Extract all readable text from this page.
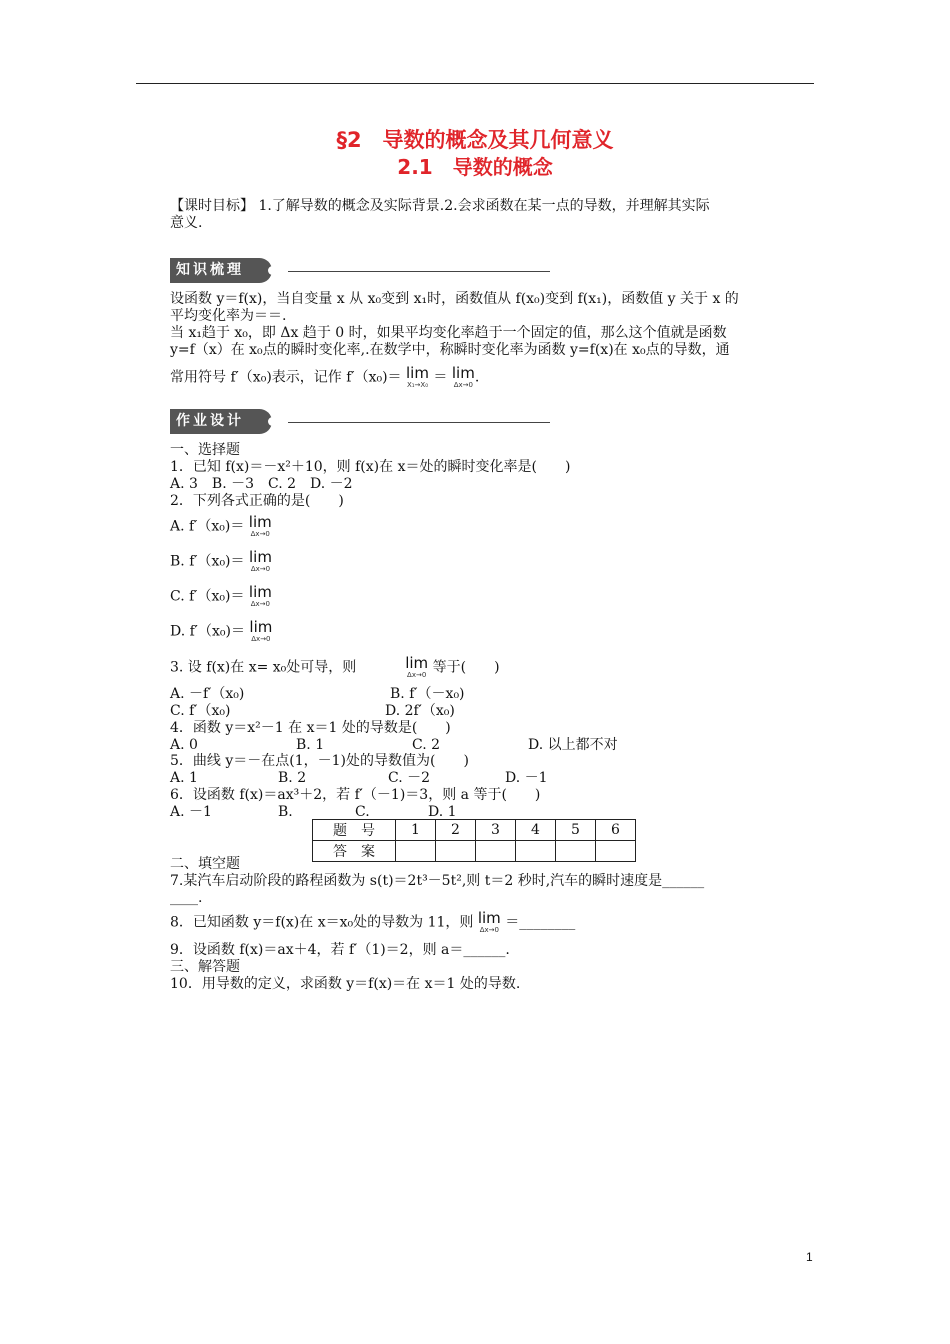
§2　导数的概念及其几何意义
2.1　导数的概念
【课时目标】 1.了解导数的概念及实际背景.2.会求函数在某一点的导数，并理解其实际
意义.
知识梳理
设函数 y＝f(x)，当自变量 x 从 x₀变到 x₁时，函数值从 f(x₀)变到 f(x₁)，函数值 y 关于 x 的
平均变化率为＝＝.
当 x₁趋于 x₀，即 Δx 趋于 0 时，如果平均变化率趋于一个固定的值，那么这个值就是函数
y=f（x）在 x₀点的瞬时变化率,.在数学中，称瞬时变化率为函数 y=f(x)在 x₀点的导数，通
常用符号 f′（x₀)表示，记作 f′（x₀)＝ lim
X₁→X₀ ＝ lim
Δx→0 .
作业设计
一、选择题
1．已知 f(x)＝－x²＋10，则 f(x)在 x＝处的瞬时变化率是(　　)
A. 3　B. －3　C. 2　D. －2
2．下列各式正确的是(　　)
A. f′（x₀)＝ lim
Δx→0
B. f′（x₀)＝ lim
Δx→0
C. f′（x₀)＝ lim
Δx→0
D. f′（x₀)＝ lim
Δx→0
3. 设 f(x)在 x= x₀处可导，则	lim
Δx→0 等于(　　)
A. －f′（x₀)	B. f′（－x₀)
C. f′（x₀)	D. 2f′（x₀)
4．函数 y＝x²－1 在 x＝1 处的导数是(　　)
A. 0	B. 1	C. 2	D. 以上都不对
5．曲线 y＝－在点(1，－1)处的导数值为(　　)
A. 1	B. 2	C. －2	D. －1
6．设函数 f(x)＝ax³＋2，若 f′（－1)＝3，则 a 等于(　　)
A. －1	B.	C.	D. 1
题　号	1	2	3	4	5	6
答　案						
二、填空题
7.某汽车启动阶段的路程函数为 s(t)＝2t³－5t²,则 t＝2 秒时,汽车的瞬时速度是______
____.
8．已知函数 y＝f(x)在 x＝x₀处的导数为 11，则 lim
Δx→0 ＝________
9．设函数 f(x)＝ax＋4，若 f′（1)＝2，则 a＝______.
三、解答题
10．用导数的定义，求函数 y＝f(x)＝在 x＝1 处的导数.
1
